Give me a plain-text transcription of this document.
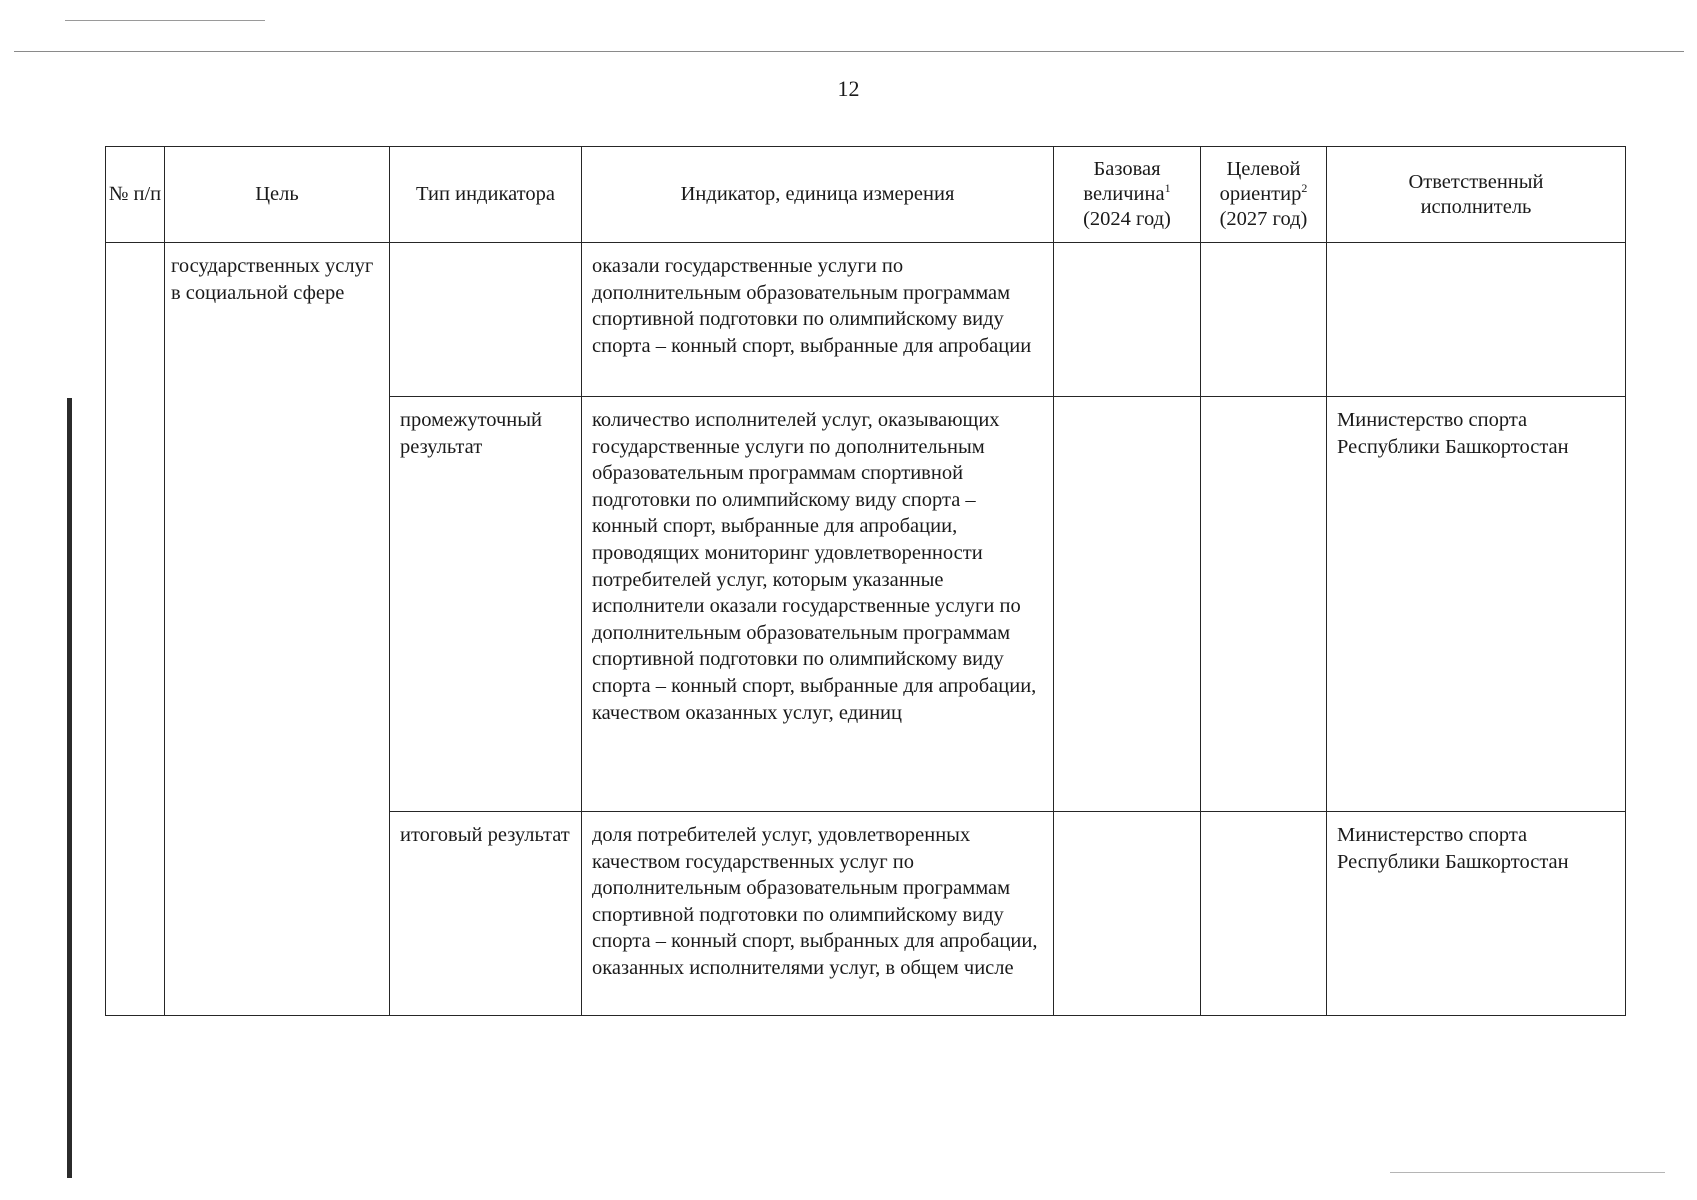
12
№ п/п	Цель	Тип индикатора	Индикатор, единица измерения	Базовая
величина$^1$
(2024 год)	Целевой
ориентир$^2$
(2027 год)	Ответственный
исполнитель
	государственных услуг в социальной сфере		оказали государственные услуги по дополнительным образовательным программам спортивной подготовки по олимпийскому виду спорта – конный спорт, выбранные для апробации			
		промежуточный результат	количество исполнителей услуг, оказывающих государственные услуги по дополнительным образовательным программам спортивной подготовки по олимпийскому виду спорта – конный спорт, выбранные для апробации, проводящих мониторинг удовлетворенности потребителей услуг, которым указанные исполнители оказали государственные услуги по дополнительным образовательным программам спортивной подготовки по олимпийскому виду спорта – конный спорт, выбранные для апробации, качеством оказанных услуг, единиц			Министерство спорта Республики Башкортостан
		итоговый результат	доля потребителей услуг, удовлетворенных качеством государственных услуг по дополнительным образовательным программам спортивной подготовки по олимпийскому виду спорта – конный спорт, выбранных для апробации, оказанных исполнителями услуг, в общем числе			Министерство спорта Республики Башкортостан
